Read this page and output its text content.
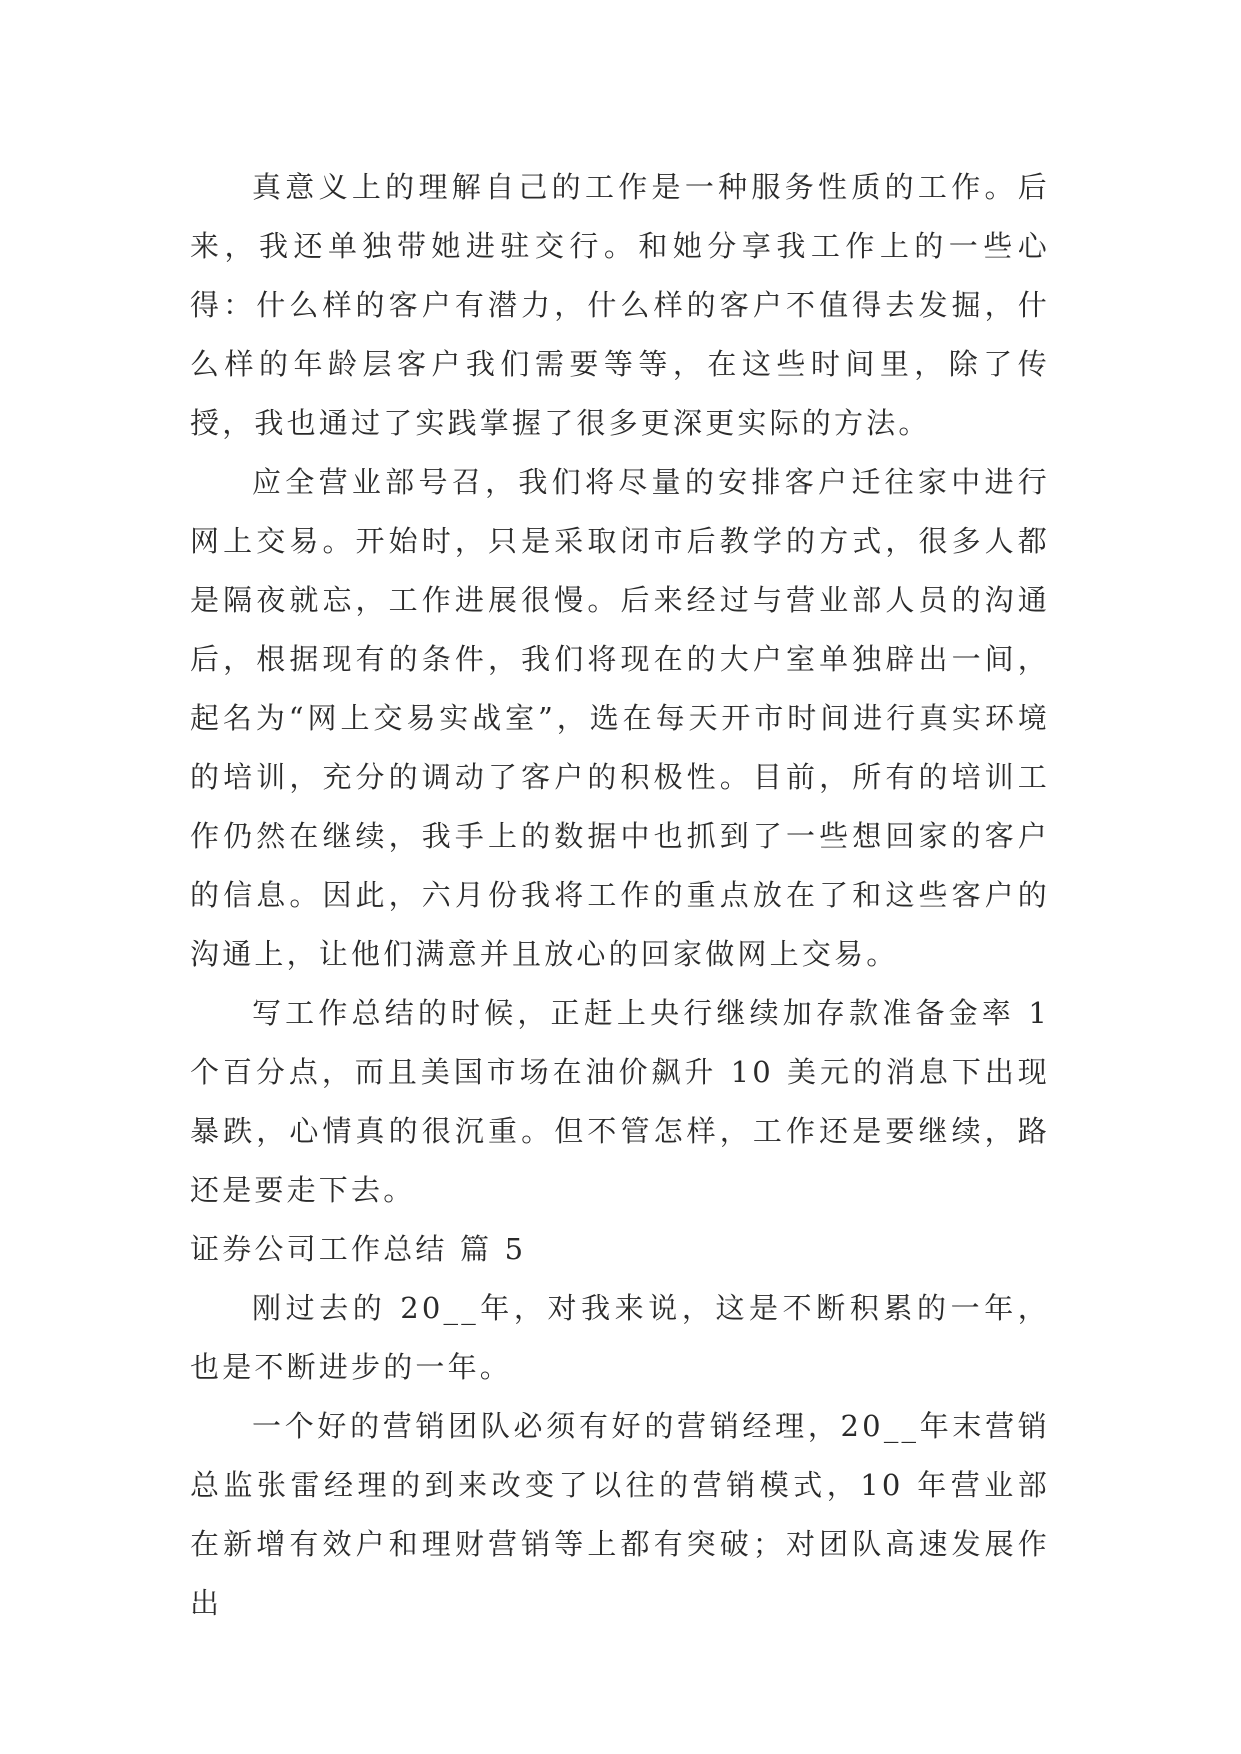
真意义上的理解自己的工作是一种服务性质的工作。后来，我还单独带她进驻交行。和她分享我工作上的一些心得：什么样的客户有潜力，什么样的客户不值得去发掘，什么样的年龄层客户我们需要等等，在这些时间里，除了传授，我也通过了实践掌握了很多更深更实际的方法。

应全营业部号召，我们将尽量的安排客户迁往家中进行网上交易。开始时，只是采取闭市后教学的方式，很多人都是隔夜就忘，工作进展很慢。后来经过与营业部人员的沟通后，根据现有的条件，我们将现在的大户室单独辟出一间，起名为“网上交易实战室”，选在每天开市时间进行真实环境的培训，充分的调动了客户的积极性。目前，所有的培训工作仍然在继续，我手上的数据中也抓到了一些想回家的客户的信息。因此，六月份我将工作的重点放在了和这些客户的沟通上，让他们满意并且放心的回家做网上交易。

写工作总结的时候，正赶上央行继续加存款准备金率 1 个百分点，而且美国市场在油价飙升 10 美元的消息下出现暴跌，心情真的很沉重。但不管怎样，工作还是要继续，路还是要走下去。

证券公司工作总结 篇 5

刚过去的 20__年，对我来说，这是不断积累的一年，也是不断进步的一年。

一个好的营销团队必须有好的营销经理，20__年末营销总监张雷经理的到来改变了以往的营销模式，10 年营业部在新增有效户和理财营销等上都有突破；对团队高速发展作出
